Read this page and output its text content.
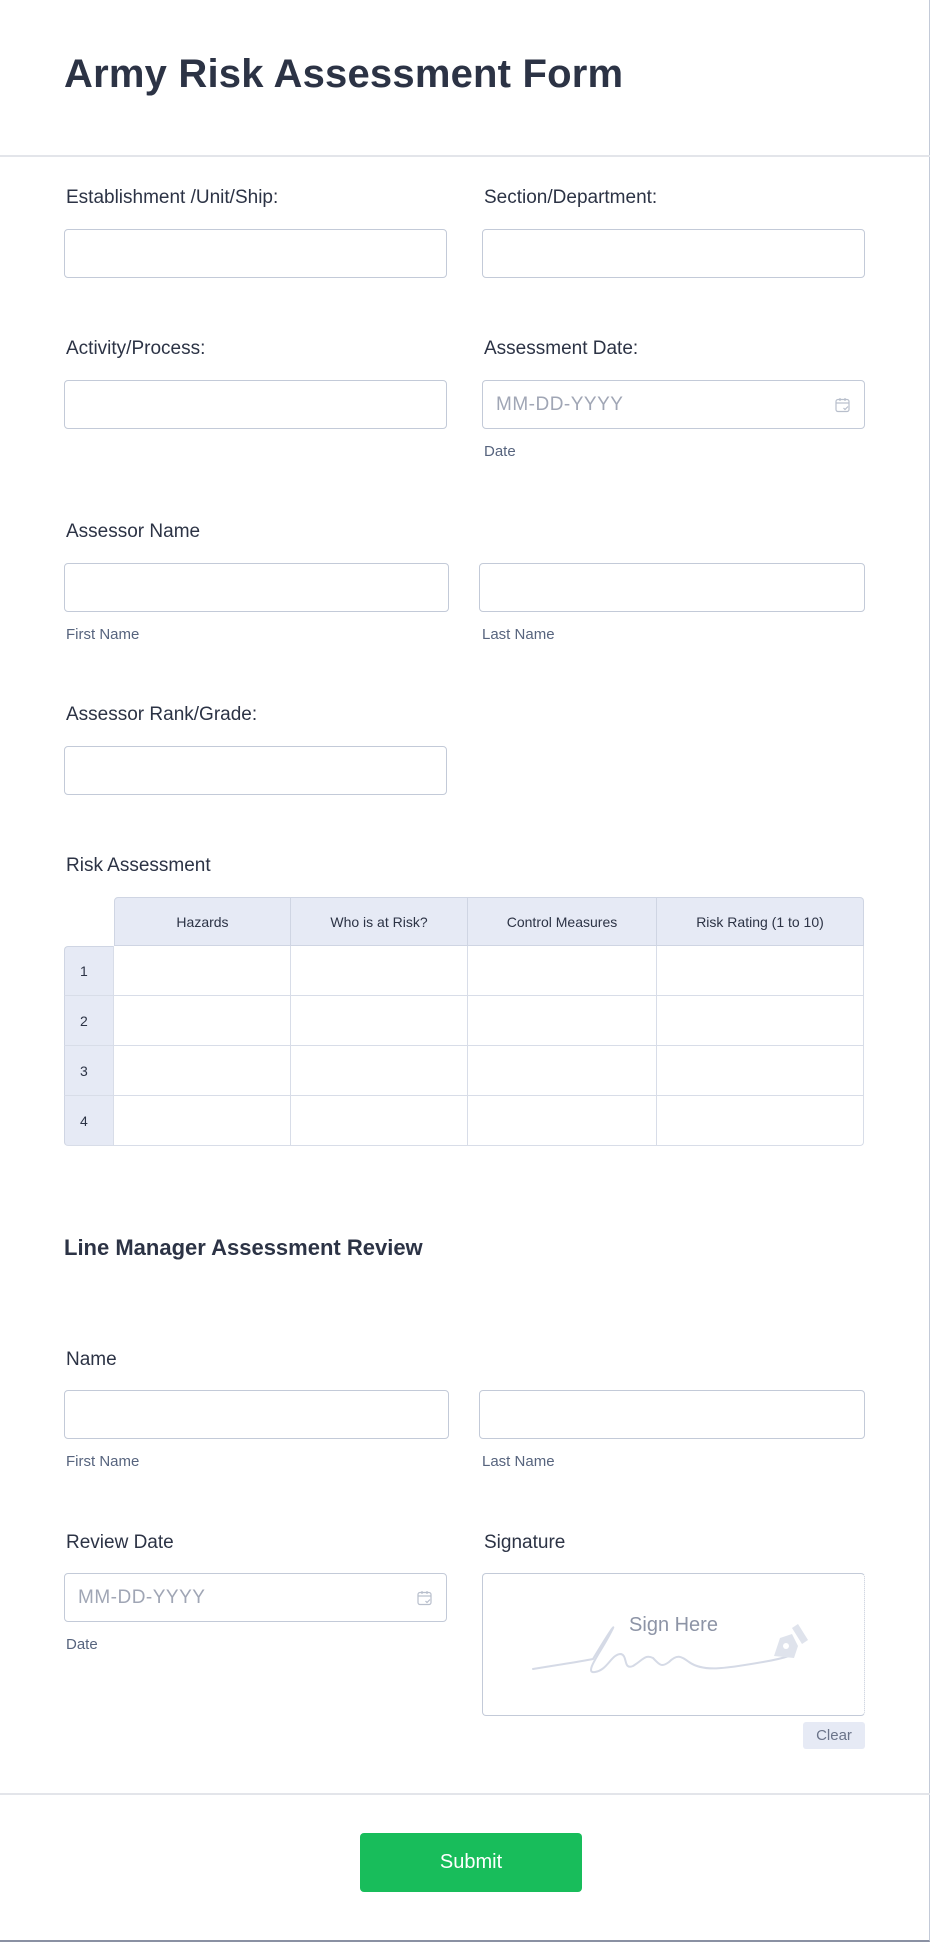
Army Risk Assessment Form
Establishment /Unit/Ship:	Section/Department:
Activity/Process:	Assessment Date:
MM-DD-YYYY
Date
Assessor Name
First Name	Last Name
Assessor Rank/Grade:
Risk Assessment
	Hazards	Who is at Risk?	Control Measures	Risk Rating (1 to 10)
1				
2				
3				
4				
Line Manager Assessment Review
Name
First Name	Last Name
Review Date
MM-DD-YYYY
Date
Signature
Sign Here
Clear
Submit
